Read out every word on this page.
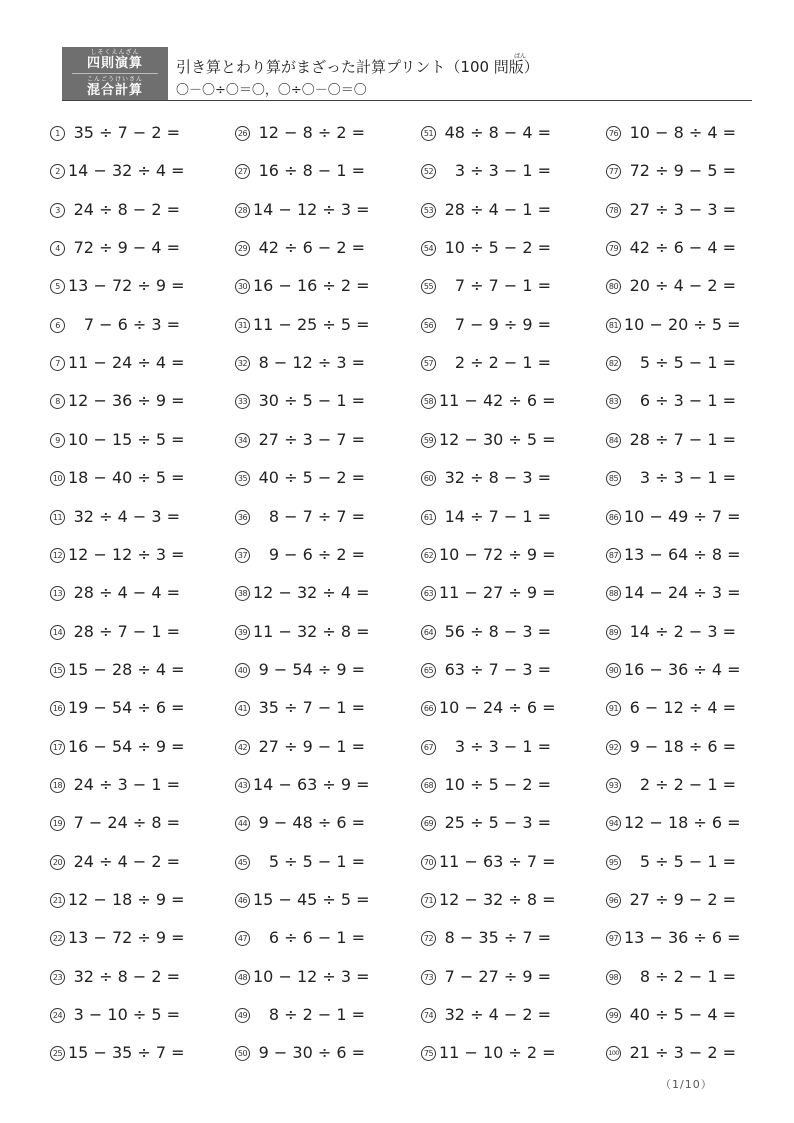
しそくえんざん
四則演算
こんごうけいさん
混合計算
ばん
引き算とわり算がまざった計算プリント（100 問版）
〇－〇÷〇＝〇，〇÷〇－〇＝〇
1 35 ÷ 7 − 2 =
2 14 − 32 ÷ 4 =
3 24 ÷ 8 − 2 =
4 72 ÷ 9 − 4 =
5 13 − 72 ÷ 9 =
6	7 − 6 ÷ 3 =
7 11 − 24 ÷ 4 =
8 12 − 36 ÷ 9 =
9 10 − 15 ÷ 5 =
10 18 − 40 ÷ 5 =
11 32 ÷ 4 − 3 =
12 12 − 12 ÷ 3 =
13 28 ÷ 4 − 4 =
14 28 ÷ 7 − 1 =
15 15 − 28 ÷ 4 =
16 19 − 54 ÷ 6 =
17 16 − 54 ÷ 9 =
18 24 ÷ 3 − 1 =
19 7 − 24 ÷ 8 =
20 24 ÷ 4 − 2 =
21 12 − 18 ÷ 9 =
22 13 − 72 ÷ 9 =
23 32 ÷ 8 − 2 =
24 3 − 10 ÷ 5 =
25 15 − 35 ÷ 7 =
26 12 − 8 ÷ 2 =
27 16 ÷ 8 − 1 =
28 14 − 12 ÷ 3 =
29 42 ÷ 6 − 2 =
30 16 − 16 ÷ 2 =
31 11 − 25 ÷ 5 =
32 8 − 12 ÷ 3 =
33 30 ÷ 5 − 1 =
34 27 ÷ 3 − 7 =
35 40 ÷ 5 − 2 =
36	8 − 7 ÷ 7 =
37	9 − 6 ÷ 2 =
38 12 − 32 ÷ 4 =
39 11 − 32 ÷ 8 =
40 9 − 54 ÷ 9 =
41 35 ÷ 7 − 1 =
42 27 ÷ 9 − 1 =
43 14 − 63 ÷ 9 =
44 9 − 48 ÷ 6 =
45	5 ÷ 5 − 1 =
46 15 − 45 ÷ 5 =
47	6 ÷ 6 − 1 =
48 10 − 12 ÷ 3 =
49	8 ÷ 2 − 1 =
50 9 − 30 ÷ 6 =
51 48 ÷ 8 − 4 =
52	3 ÷ 3 − 1 =
53 28 ÷ 4 − 1 =
54 10 ÷ 5 − 2 =
55	7 ÷ 7 − 1 =
56	7 − 9 ÷ 9 =
57	2 ÷ 2 − 1 =
58 11 − 42 ÷ 6 =
59 12 − 30 ÷ 5 =
60 32 ÷ 8 − 3 =
61 14 ÷ 7 − 1 =
62 10 − 72 ÷ 9 =
63 11 − 27 ÷ 9 =
64 56 ÷ 8 − 3 =
65 63 ÷ 7 − 3 =
66 10 − 24 ÷ 6 =
67	3 ÷ 3 − 1 =
68 10 ÷ 5 − 2 =
69 25 ÷ 5 − 3 =
70 11 − 63 ÷ 7 =
71 12 − 32 ÷ 8 =
72 8 − 35 ÷ 7 =
73 7 − 27 ÷ 9 =
74 32 ÷ 4 − 2 =
75 11 − 10 ÷ 2 =
76 10 − 8 ÷ 4 =
77 72 ÷ 9 − 5 =
78 27 ÷ 3 − 3 =
79 42 ÷ 6 − 4 =
80 20 ÷ 4 − 2 =
81 10 − 20 ÷ 5 =
82	5 ÷ 5 − 1 =
83	6 ÷ 3 − 1 =
84 28 ÷ 7 − 1 =
85	3 ÷ 3 − 1 =
86 10 − 49 ÷ 7 =
87 13 − 64 ÷ 8 =
88 14 − 24 ÷ 3 =
89 14 ÷ 2 − 3 =
90 16 − 36 ÷ 4 =
91 6 − 12 ÷ 4 =
92 9 − 18 ÷ 6 =
93	2 ÷ 2 − 1 =
94 12 − 18 ÷ 6 =
95	5 ÷ 5 − 1 =
96 27 ÷ 9 − 2 =
97 13 − 36 ÷ 6 =
98	8 ÷ 2 − 1 =
99 40 ÷ 5 − 4 =
100 21 ÷ 3 − 2 =
（1/10）
